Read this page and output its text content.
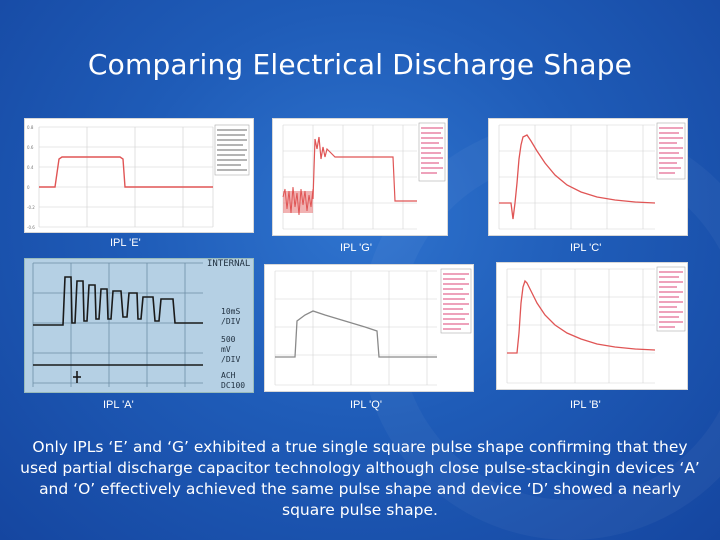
Comparing Electrical Discharge Shape
0.8
0.6
0.4
0
-0.2
-0.6
INTERNAL
10mS
/DIV
500
mV
/DIV
ACH
DC100
IPL 'E'	IPL 'G'	IPL 'C'
IPL 'A'	IPL 'Q'	IPL 'B'
Only IPLs ‘E’ and ‘G’ exhibited a true single square pulse shape confirming that they used partial discharge capacitor technology although close pulse-stackingin devices ‘A’ and ‘O’ effectively achieved the same pulse shape and device ‘D’ showed a nearly square pulse shape.
